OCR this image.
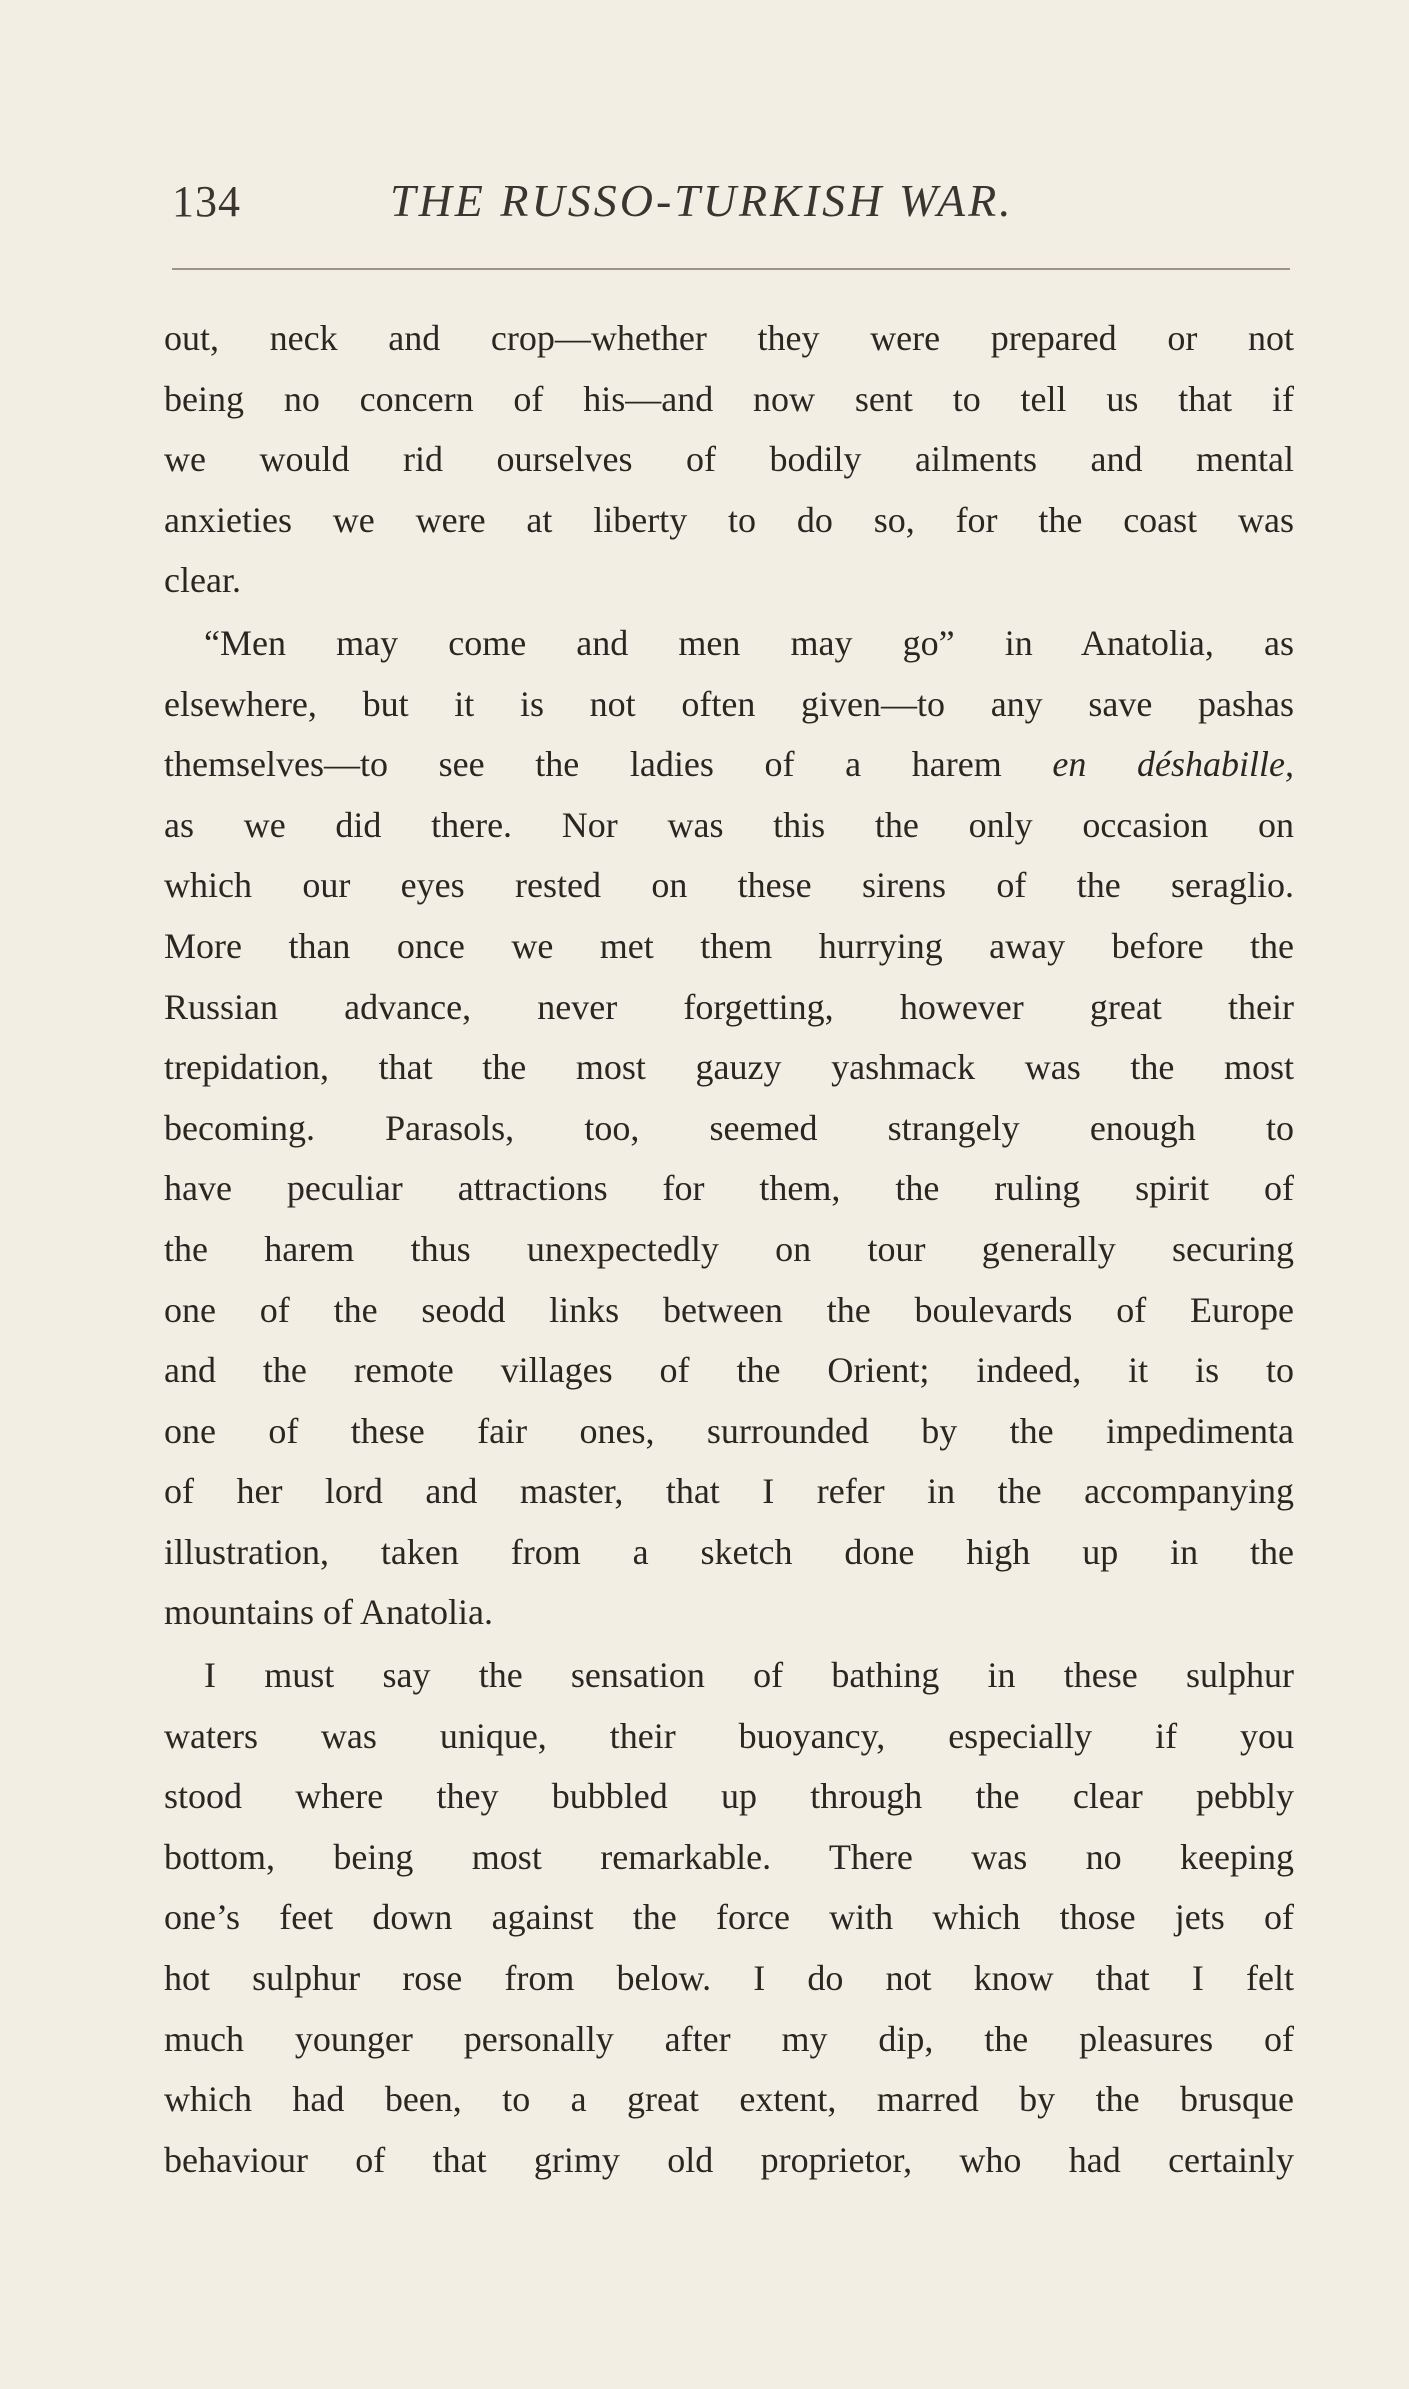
134	THE RUSSO-TURKISH WAR.
out, neck and crop—whether they were prepared or not
being no concern of his—and now sent to tell us that if
we would rid ourselves of bodily ailments and mental
anxieties we were at liberty to do so, for the coast was
clear.
“Men may come and men may go” in Anatolia, as
elsewhere, but it is not often given—to any save pashas
themselves—to see the ladies of a harem en déshabille,
as we did there. Nor was this the only occasion on
which our eyes rested on these sirens of the seraglio.
More than once we met them hurrying away before the
Russian advance, never forgetting, however great their
trepidation, that the most gauzy yashmack was the most
becoming. Parasols, too, seemed strangely enough to
have peculiar attractions for them, the ruling spirit of
the harem thus unexpectedly on tour generally securing
one of the seodd links between the boulevards of Europe
and the remote villages of the Orient; indeed, it is to
one of these fair ones, surrounded by the impedimenta
of her lord and master, that I refer in the accompanying
illustration, taken from a sketch done high up in the
mountains of Anatolia.
I must say the sensation of bathing in these sulphur
waters was unique, their buoyancy, especially if you
stood where they bubbled up through the clear pebbly
bottom, being most remarkable. There was no keeping
one’s feet down against the force with which those jets of
hot sulphur rose from below. I do not know that I felt
much younger personally after my dip, the pleasures of
which had been, to a great extent, marred by the brusque
behaviour of that grimy old proprietor, who had certainly
